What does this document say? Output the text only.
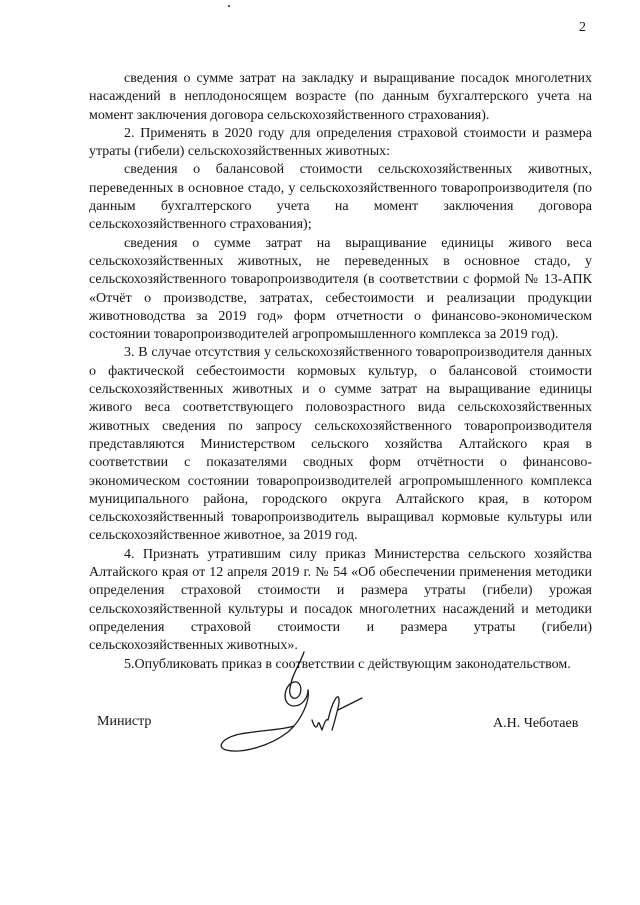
2

сведения о сумме затрат на закладку и выращивание посадок многолетних насаждений в неплодоносящем возрасте (по данным бухгалтерского учета на момент заключения договора сельскохозяйственного страхования).

2. Применять в 2020 году для определения страховой стоимости и размера утраты (гибели) сельскохозяйственных животных:

сведения о балансовой стоимости сельскохозяйственных животных, переведенных в основное стадо, у сельскохозяйственного товаропроизводителя (по данным бухгалтерского учета на момент заключения договора сельскохозяйственного страхования);

сведения о сумме затрат на выращивание единицы живого веса сельскохозяйственных животных, не переведенных в основное стадо, у сельскохозяйственного товаропроизводителя (в соответствии с формой № 13-АПК «Отчёт о производстве, затратах, себестоимости и реализации продукции животноводства за 2019 год» форм отчетности о финансово-экономическом состоянии товаропроизводителей агропромышленного комплекса за 2019 год).

3. В случае отсутствия у сельскохозяйственного товаропроизводителя данных о фактической себестоимости кормовых культур, о балансовой стоимости сельскохозяйственных животных и о сумме затрат на выращивание единицы живого веса соответствующего половозрастного вида сельскохозяйственных животных сведения по запросу сельскохозяйственного товаропроизводителя представляются Министерством сельского хозяйства Алтайского края в соответствии с показателями сводных форм отчётности о финансово-экономическом состоянии товаропроизводителей агропромышленного комплекса муниципального района, городского округа Алтайского края, в котором сельскохозяйственный товаропроизводитель выращивал кормовые культуры или сельскохозяйственное животное, за 2019 год.

4. Признать утратившим силу приказ Министерства сельского хозяйства Алтайского края от 12 апреля 2019 г. № 54 «Об обеспечении применения методики определения страховой стоимости и размера утраты (гибели) урожая сельскохозяйственной культуры и посадок многолетних насаждений и методики определения страховой стоимости и размера утраты (гибели) сельскохозяйственных животных».

5.Опубликовать приказ в соответствии с действующим законодательством.

Министр	А.Н. Чеботаев
